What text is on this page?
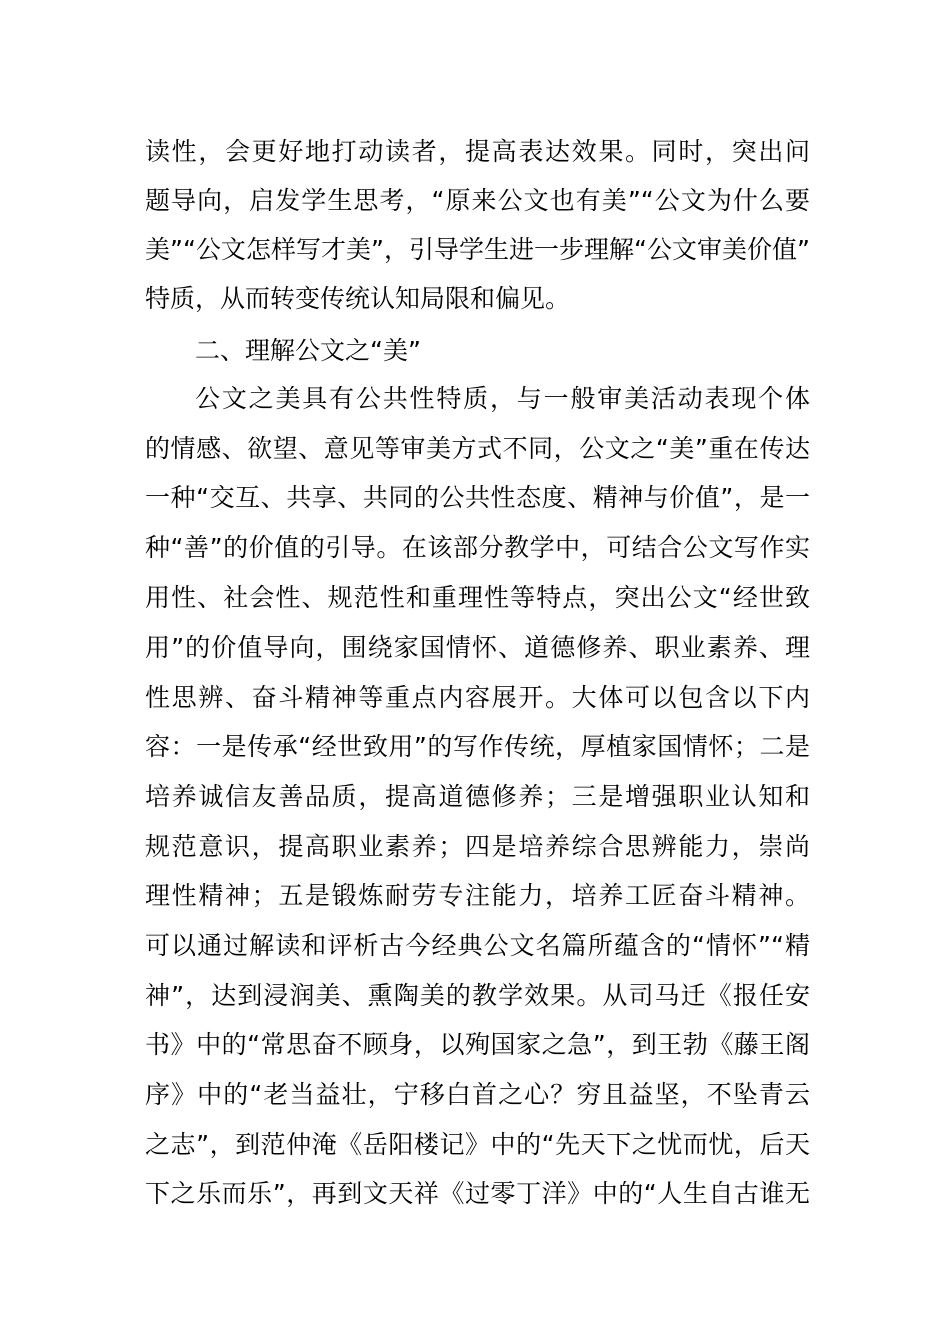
读性，会更好地打动读者，提高表达效果。同时，突出问
题导向，启发学生思考，“原来公文也有美”“公文为什么要
美”“公文怎样写才美”，引导学生进一步理解“公文审美价值”
特质，从而转变传统认知局限和偏见。
二、理解公文之“美”
公文之美具有公共性特质，与一般审美活动表现个体
的情感、欲望、意见等审美方式不同，公文之“美”重在传达
一种“交互、共享、共同的公共性态度、精神与价值”，是一
种“善”的价值的引导。在该部分教学中，可结合公文写作实
用性、社会性、规范性和重理性等特点，突出公文“经世致
用”的价值导向，围绕家国情怀、道德修养、职业素养、理
性思辨、奋斗精神等重点内容展开。大体可以包含以下内
容：一是传承“经世致用”的写作传统，厚植家国情怀；二是
培养诚信友善品质，提高道德修养；三是增强职业认知和
规范意识，提高职业素养；四是培养综合思辨能力，崇尚
理性精神；五是锻炼耐劳专注能力，培养工匠奋斗精神。
可以通过解读和评析古今经典公文名篇所蕴含的“情怀”“精
神”，达到浸润美、熏陶美的教学效果。从司马迁《报任安
书》中的“常思奋不顾身，以殉国家之急”，到王勃《藤王阁
序》中的“老当益壮，宁移白首之心？穷且益坚，不坠青云
之志”，到范仲淹《岳阳楼记》中的“先天下之忧而忧，后天
下之乐而乐”，再到文天祥《过零丁洋》中的“人生自古谁无
